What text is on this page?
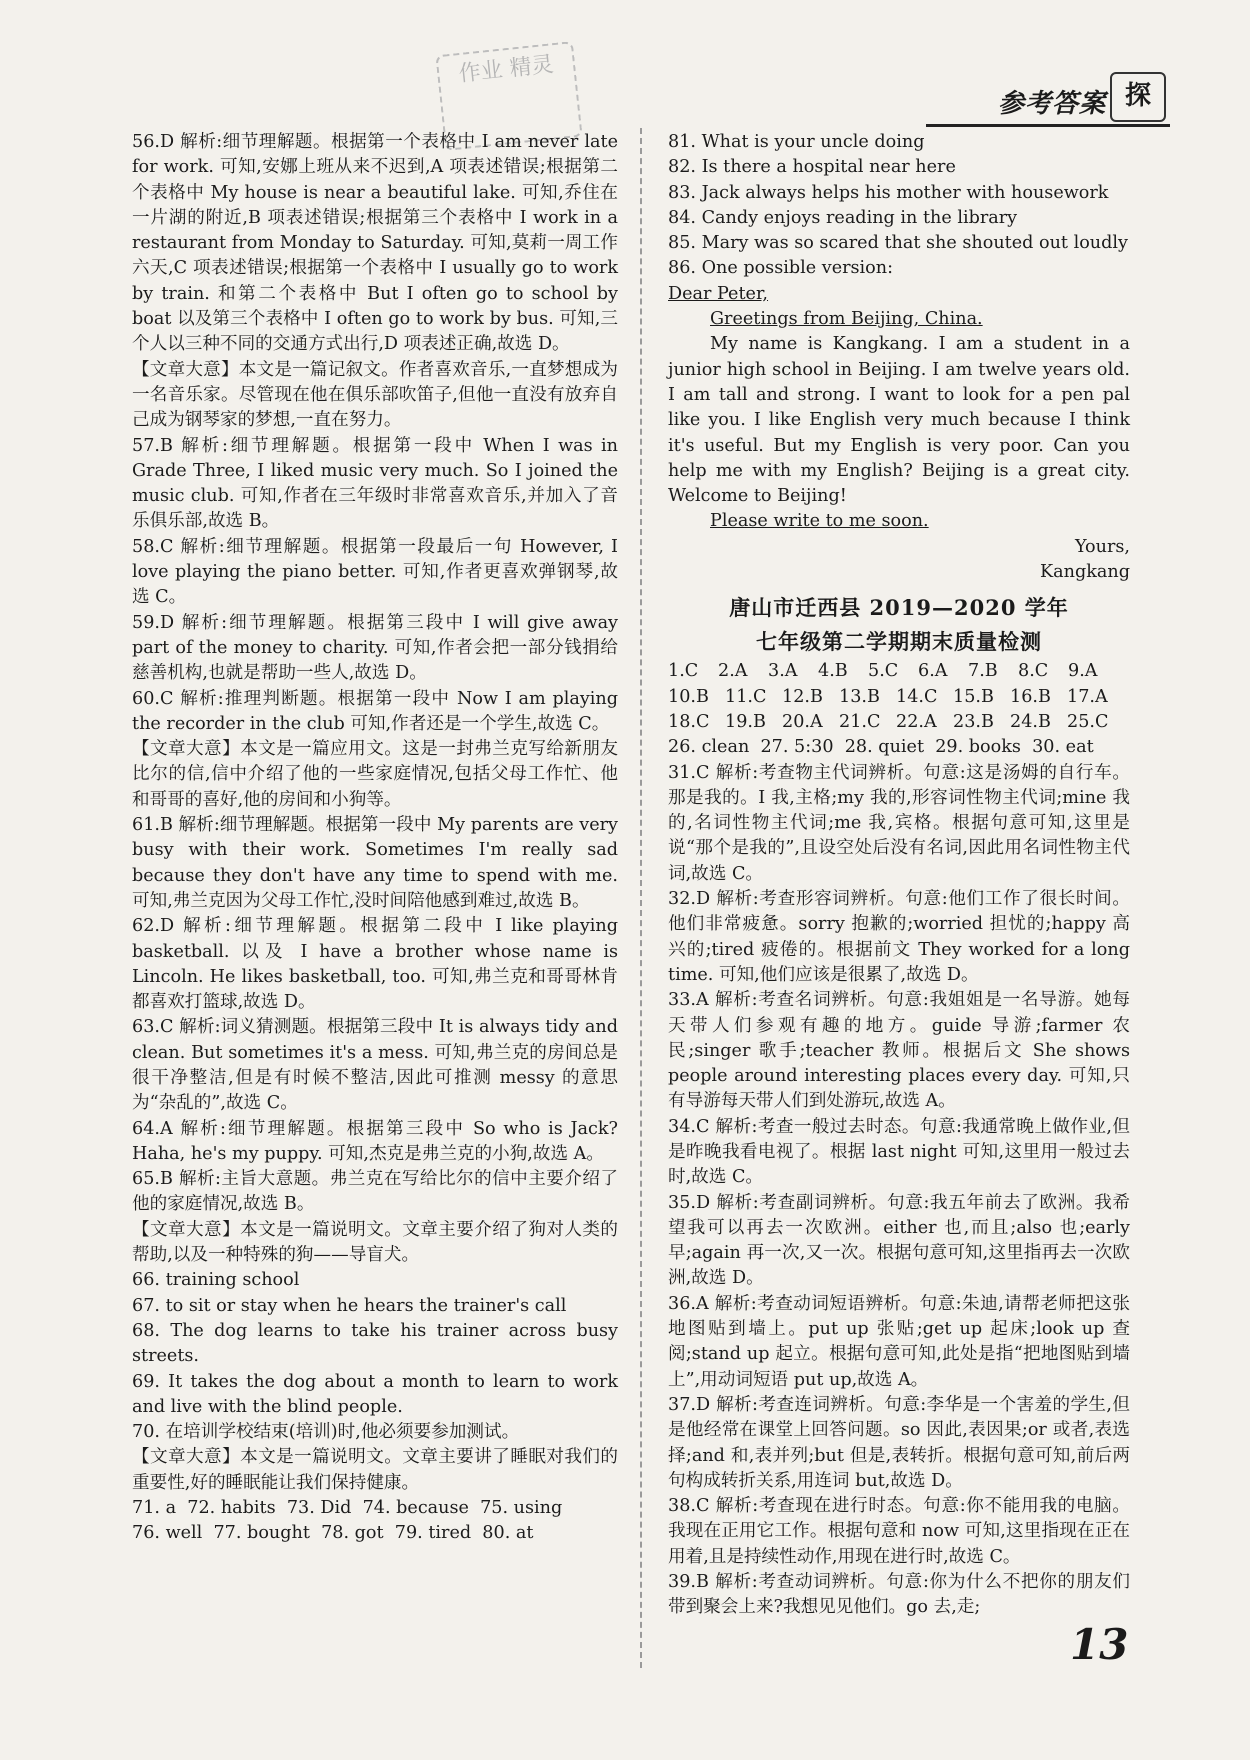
作业 精灵
参考答案 探

56.D 解析:细节理解题。根据第一个表格中 I am never late for work. 可知,安娜上班从来不迟到,A 项表述错误;根据第二个表格中 My house is near a beautiful lake. 可知,乔住在一片湖的附近,B 项表述错误;根据第三个表格中 I work in a restaurant from Monday to Saturday. 可知,莫莉一周工作六天,C 项表述错误;根据第一个表格中 I usually go to work by train. 和第二个表格中 But I often go to school by boat 以及第三个表格中 I often go to work by bus. 可知,三个人以三种不同的交通方式出行,D 项表述正确,故选 D。

【文章大意】本文是一篇记叙文。作者喜欢音乐,一直梦想成为一名音乐家。尽管现在他在俱乐部吹笛子,但他一直没有放弃自己成为钢琴家的梦想,一直在努力。

57.B 解析:细节理解题。根据第一段中 When I was in Grade Three, I liked music very much. So I joined the music club. 可知,作者在三年级时非常喜欢音乐,并加入了音乐俱乐部,故选 B。

58.C 解析:细节理解题。根据第一段最后一句 However, I love playing the piano better. 可知,作者更喜欢弹钢琴,故选 C。

59.D 解析:细节理解题。根据第三段中 I will give away part of the money to charity. 可知,作者会把一部分钱捐给慈善机构,也就是帮助一些人,故选 D。

60.C 解析:推理判断题。根据第一段中 Now I am playing the recorder in the club 可知,作者还是一个学生,故选 C。

【文章大意】本文是一篇应用文。这是一封弗兰克写给新朋友比尔的信,信中介绍了他的一些家庭情况,包括父母工作忙、他和哥哥的喜好,他的房间和小狗等。

61.B 解析:细节理解题。根据第一段中 My parents are very busy with their work. Sometimes I'm really sad because they don't have any time to spend with me. 可知,弗兰克因为父母工作忙,没时间陪他感到难过,故选 B。

62.D 解析:细节理解题。根据第二段中 I like playing basketball. 以及 I have a brother whose name is Lincoln. He likes basketball, too. 可知,弗兰克和哥哥林肯都喜欢打篮球,故选 D。

63.C 解析:词义猜测题。根据第三段中 It is always tidy and clean. But sometimes it's a mess. 可知,弗兰克的房间总是很干净整洁,但是有时候不整洁,因此可推测 messy 的意思为“杂乱的”,故选 C。

64.A 解析:细节理解题。根据第三段中 So who is Jack? Haha, he's my puppy. 可知,杰克是弗兰克的小狗,故选 A。

65.B 解析:主旨大意题。弗兰克在写给比尔的信中主要介绍了他的家庭情况,故选 B。

【文章大意】本文是一篇说明文。文章主要介绍了狗对人类的帮助,以及一种特殊的狗——导盲犬。

66. training school

67. to sit or stay when he hears the trainer's call

68. The dog learns to take his trainer across busy streets.

69. It takes the dog about a month to learn to work and live with the blind people.

70. 在培训学校结束(培训)时,他必须要参加测试。

【文章大意】本文是一篇说明文。文章主要讲了睡眠对我们的重要性,好的睡眠能让我们保持健康。

71. a  72. habits  73. Did  74. because  75. using

76. well  77. bought  78. got  79. tired  80. at

81. What is your uncle doing

82. Is there a hospital near here

83. Jack always helps his mother with housework

84. Candy enjoys reading in the library

85. Mary was so scared that she shouted out loudly

86. One possible version:

Dear Peter,

Greetings from Beijing, China.

My name is Kangkang. I am a student in a junior high school in Beijing. I am twelve years old. I am tall and strong. I want to look for a pen pal like you. I like English very much because I think it's useful. But my English is very poor. Can you help me with my English? Beijing is a great city. Welcome to Beijing!

Please write to me soon.

Yours,

Kangkang

唐山市迁西县 2019—2020 学年

七年级第二学期期末质量检测

1.C 2.A 3.A 4.B 5.C 6.A 7.B 8.C 9.A

10.B 11.C 12.B 13.B 14.C 15.B 16.B 17.A

18.C 19.B 20.A 21.C 22.A 23.B 24.B 25.C

26. clean  27. 5:30  28. quiet  29. books  30. eat

31.C 解析:考查物主代词辨析。句意:这是汤姆的自行车。那是我的。I 我,主格;my 我的,形容词性物主代词;mine 我的,名词性物主代词;me 我,宾格。根据句意可知,这里是说“那个是我的”,且设空处后没有名词,因此用名词性物主代词,故选 C。

32.D 解析:考查形容词辨析。句意:他们工作了很长时间。他们非常疲惫。sorry 抱歉的;worried 担忧的;happy 高兴的;tired 疲倦的。根据前文 They worked for a long time. 可知,他们应该是很累了,故选 D。

33.A 解析:考查名词辨析。句意:我姐姐是一名导游。她每天带人们参观有趣的地方。guide 导游;farmer 农民;singer 歌手;teacher 教师。根据后文 She shows people around interesting places every day. 可知,只有导游每天带人们到处游玩,故选 A。

34.C 解析:考查一般过去时态。句意:我通常晚上做作业,但是昨晚我看电视了。根据 last night 可知,这里用一般过去时,故选 C。

35.D 解析:考查副词辨析。句意:我五年前去了欧洲。我希望我可以再去一次欧洲。either 也,而且;also 也;early 早;again 再一次,又一次。根据句意可知,这里指再去一次欧洲,故选 D。

36.A 解析:考查动词短语辨析。句意:朱迪,请帮老师把这张地图贴到墙上。put up 张贴;get up 起床;look up 查阅;stand up 起立。根据句意可知,此处是指“把地图贴到墙上”,用动词短语 put up,故选 A。

37.D 解析:考查连词辨析。句意:李华是一个害羞的学生,但是他经常在课堂上回答问题。so 因此,表因果;or 或者,表选择;and 和,表并列;but 但是,表转折。根据句意可知,前后两句构成转折关系,用连词 but,故选 D。

38.C 解析:考查现在进行时态。句意:你不能用我的电脑。我现在正用它工作。根据句意和 now 可知,这里指现在正在用着,且是持续性动作,用现在进行时,故选 C。

39.B 解析:考查动词辨析。句意:你为什么不把你的朋友们带到聚会上来?我想见见他们。go 去,走;

13
